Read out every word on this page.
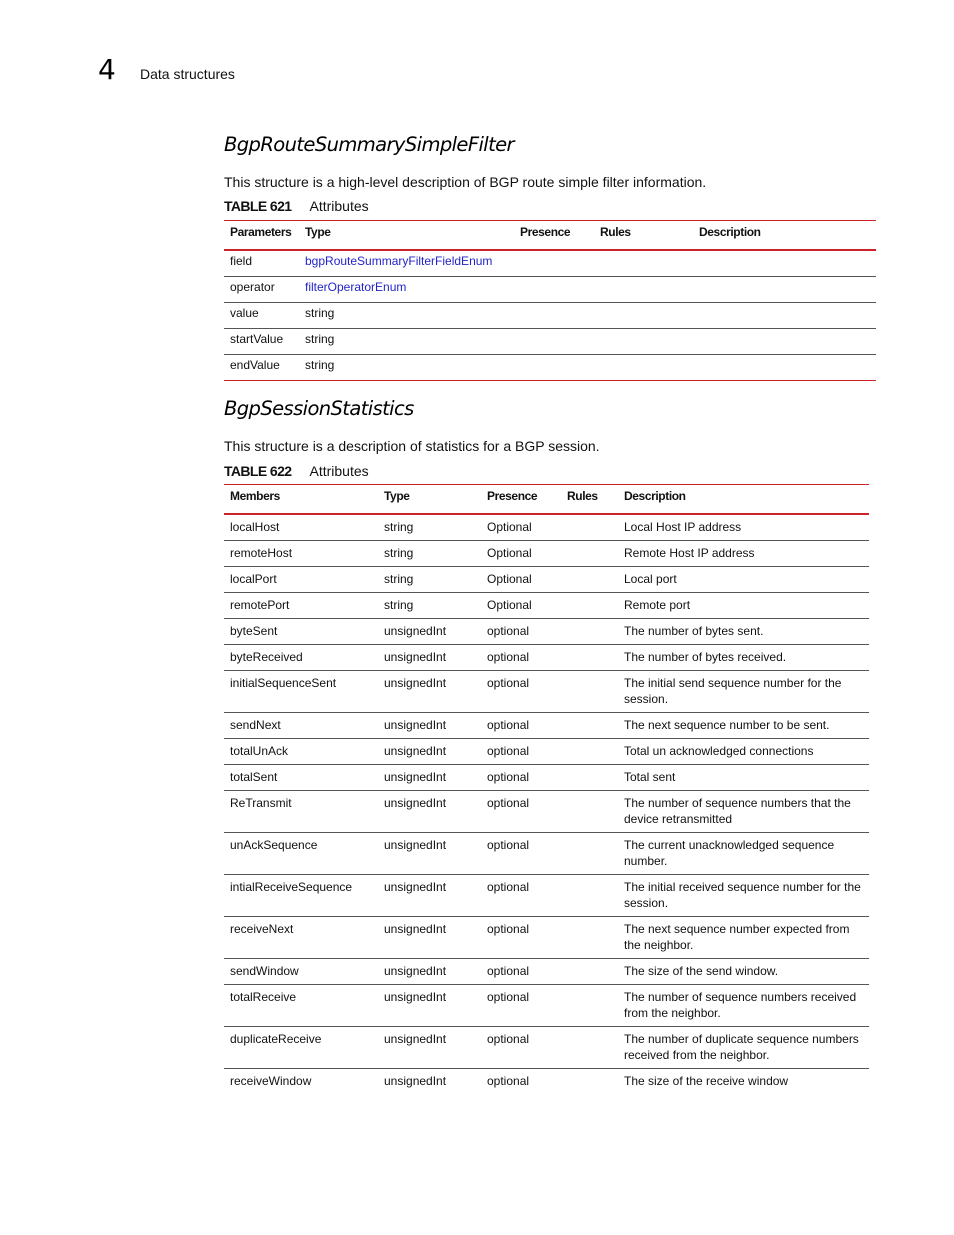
4 Data structures
BgpRouteSummarySimpleFilter

This structure is a high-level description of BGP route simple filter information.

TABLE 621 Attributes

Parameters	Type	Presence	Rules	Description
field	bgpRouteSummaryFilterFieldEnum			
operator	filterOperatorEnum			
value	string			
startValue	string			
endValue	string			
BgpSessionStatistics

This structure is a description of statistics for a BGP session.

TABLE 622 Attributes

Members	Type	Presence	Rules	Description
localHost	string	Optional		Local Host IP address
remoteHost	string	Optional		Remote Host IP address
localPort	string	Optional		Local port
remotePort	string	Optional		Remote port
byteSent	unsignedInt	optional		The number of bytes sent.
byteReceived	unsignedInt	optional		The number of bytes received.
initialSequenceSent	unsignedInt	optional		The initial send sequence number for the session.
sendNext	unsignedInt	optional		The next sequence number to be sent.
totalUnAck	unsignedInt	optional		Total un acknowledged connections
totalSent	unsignedInt	optional		Total sent
ReTransmit	unsignedInt	optional		The number of sequence numbers that the device retransmitted
unAckSequence	unsignedInt	optional		The current unacknowledged sequence number.
intialReceiveSequence	unsignedInt	optional		The initial received sequence number for the session.
receiveNext	unsignedInt	optional		The next sequence number expected from the neighbor.
sendWindow	unsignedInt	optional		The size of the send window.
totalReceive	unsignedInt	optional		The number of sequence numbers received from the neighbor.
duplicateReceive	unsignedInt	optional		The number of duplicate sequence numbers received from the neighbor.
receiveWindow	unsignedInt	optional		The size of the receive window
